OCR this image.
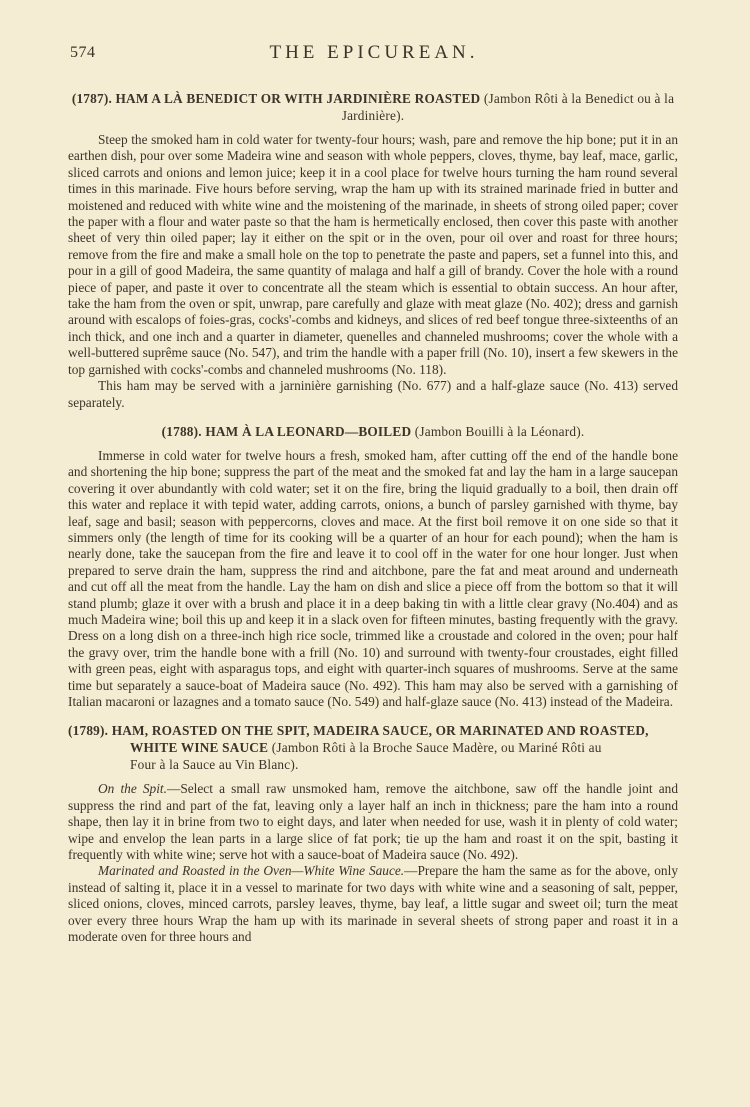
574	THE EPICUREAN.

(1787). HAM A LÀ BENEDICT OR WITH JARDINIÈRE ROASTED (Jambon Rôti à la Benedict ou à la Jardinière).

Steep the smoked ham in cold water for twenty-four hours; wash, pare and remove the hip bone; put it in an earthen dish, pour over some Madeira wine and season with whole peppers, cloves, thyme, bay leaf, mace, garlic, sliced carrots and onions and lemon juice; keep it in a cool place for twelve hours turning the ham round several times in this marinade. Five hours before serving, wrap the ham up with its strained marinade fried in butter and moistened and reduced with white wine and the moistening of the marinade, in sheets of strong oiled paper; cover the paper with a flour and water paste so that the ham is hermetically enclosed, then cover this paste with another sheet of very thin oiled paper; lay it either on the spit or in the oven, pour oil over and roast for three hours; remove from the fire and make a small hole on the top to penetrate the paste and papers, set a funnel into this, and pour in a gill of good Madeira, the same quantity of malaga and half a gill of brandy. Cover the hole with a round piece of paper, and paste it over to concentrate all the steam which is essential to obtain success. An hour after, take the ham from the oven or spit, unwrap, pare carefully and glaze with meat glaze (No. 402); dress and garnish around with escalops of foies-gras, cocks'-combs and kidneys, and slices of red beef tongue three-sixteenths of an inch thick, and one inch and a quarter in diameter, quenelles and channeled mushrooms; cover the whole with a well-buttered suprême sauce (No. 547), and trim the handle with a paper frill (No. 10), insert a few skewers in the top garnished with cocks'-combs and channeled mushrooms (No. 118).

This ham may be served with a jarninière garnishing (No. 677) and a half-glaze sauce (No. 413) served separately.

(1788). HAM À LA LEONARD—BOILED (Jambon Bouilli à la Léonard).

Immerse in cold water for twelve hours a fresh, smoked ham, after cutting off the end of the handle bone and shortening the hip bone; suppress the part of the meat and the smoked fat and lay the ham in a large saucepan covering it over abundantly with cold water; set it on the fire, bring the liquid gradually to a boil, then drain off this water and replace it with tepid water, adding carrots, onions, a bunch of parsley garnished with thyme, bay leaf, sage and basil; season with peppercorns, cloves and mace. At the first boil remove it on one side so that it simmers only (the length of time for its cooking will be a quarter of an hour for each pound); when the ham is nearly done, take the saucepan from the fire and leave it to cool off in the water for one hour longer. Just when prepared to serve drain the ham, suppress the rind and aitchbone, pare the fat and meat around and underneath and cut off all the meat from the handle. Lay the ham on dish and slice a piece off from the bottom so that it will stand plumb; glaze it over with a brush and place it in a deep baking tin with a little clear gravy (No.404) and as much Madeira wine; boil this up and keep it in a slack oven for fifteen minutes, basting frequently with the gravy. Dress on a long dish on a three-inch high rice socle, trimmed like a croustade and colored in the oven; pour half the gravy over, trim the handle bone with a frill (No. 10) and surround with twenty-four croustades, eight filled with green peas, eight with asparagus tops, and eight with quarter-inch squares of mushrooms. Serve at the same time but separately a sauce-boat of Madeira sauce (No. 492). This ham may also be served with a garnishing of Italian macaroni or lazagnes and a tomato sauce (No. 549) and half-glaze sauce (No. 413) instead of the Madeira.

(1789). HAM, ROASTED ON THE SPIT, MADEIRA SAUCE, OR MARINATED AND ROASTED,
WHITE WINE SAUCE (Jambon Rôti à la Broche Sauce Madère, ou Mariné Rôti au
Four à la Sauce au Vin Blanc).

On the Spit.—Select a small raw unsmoked ham, remove the aitchbone, saw off the handle joint and suppress the rind and part of the fat, leaving only a layer half an inch in thickness; pare the ham into a round shape, then lay it in brine from two to eight days, and later when needed for use, wash it in plenty of cold water; wipe and envelop the lean parts in a large slice of fat pork; tie up the ham and roast it on the spit, basting it frequently with white wine; serve hot with a sauce-boat of Madeira sauce (No. 492).

Marinated and Roasted in the Oven—White Wine Sauce.—Prepare the ham the same as for the above, only instead of salting it, place it in a vessel to marinate for two days with white wine and a seasoning of salt, pepper, sliced onions, cloves, minced carrots, parsley leaves, thyme, bay leaf, a little sugar and sweet oil; turn the meat over every three hours Wrap the ham up with its marinade in several sheets of strong paper and roast it in a moderate oven for three hours and
